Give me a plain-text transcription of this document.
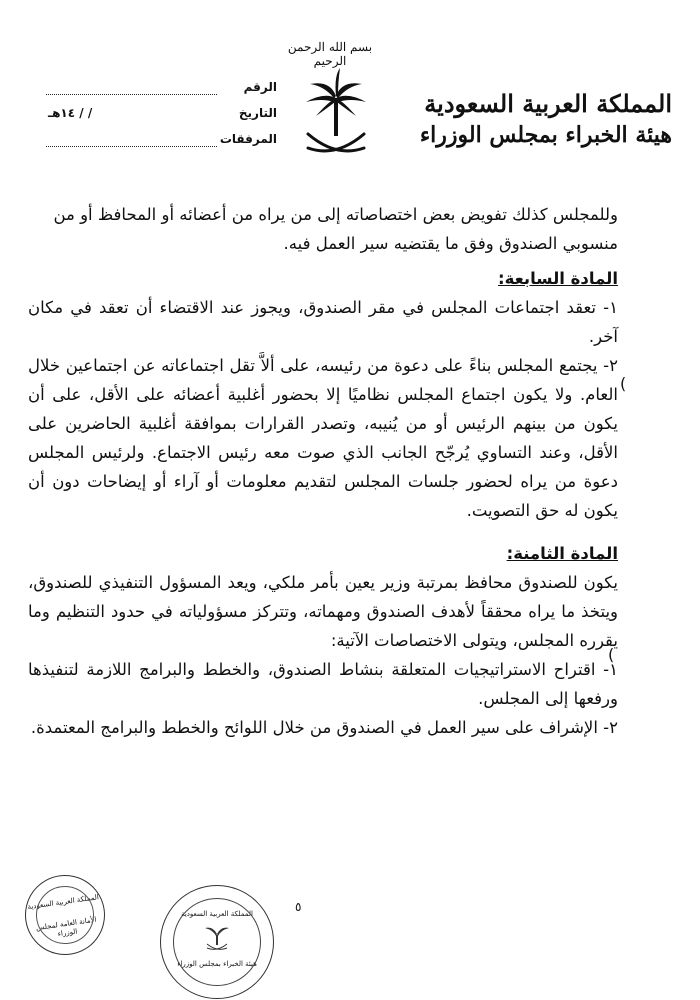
بسم الله الرحمن الرحيم
المملكة العربية السعودية
هيئة الخبراء بمجلس الوزراء
الرقم
التاريخ
/ / ١٤هـ
المرفقات

وللمجلس كذلك تفويض بعض اختصاصاته إلى من يراه من أعضائه أو المحافظ أو من

منسوبي الصندوق وفق ما يقتضيه سير العمل فيه.

المادة السابعة:

١- تعقد اجتماعات المجلس في مقر الصندوق، ويجوز عند الاقتضاء أن تعقد في مكان آخر.

٢- يجتمع المجلس بناءً على دعوة من رئيسه، على ألاَّ تقل اجتماعاته عن اجتماعين خلال العام. ولا يكون اجتماع المجلس نظاميًا إلا بحضور أغلبية أعضائه على الأقل، على أن يكون من بينهم الرئيس أو من يُنيبه، وتصدر القرارات بموافقة أغلبية الحاضرين على الأقل، وعند التساوي يُرجّح الجانب الذي صوت معه رئيس الاجتماع. ولرئيس المجلس دعوة من يراه لحضور جلسات المجلس لتقديم معلومات أو آراء أو إيضاحات دون أن يكون له حق التصويت.

المادة الثامنة:

يكون للصندوق محافظ بمرتبة وزير يعين بأمر ملكي، ويعد المسؤول التنفيذي للصندوق، ويتخذ ما يراه محققاً لأهدف الصندوق ومهماته، وتتركز مسؤولياته في حدود التنظيم وما يقرره المجلس، ويتولى الاختصاصات الآتية:

١- اقتراح الاستراتيجيات المتعلقة بنشاط الصندوق، والخطط والبرامج اللازمة لتنفيذها ورفعها إلى المجلس.

٢- الإشراف على سير العمل في الصندوق من خلال اللوائح والخطط والبرامج المعتمدة.

(
(
٥
المملكة العربية السعودية
الأمانة العامة لمجلس الوزراء
المملكة العربية السعودية
هيئة الخبراء بمجلس الوزراء
